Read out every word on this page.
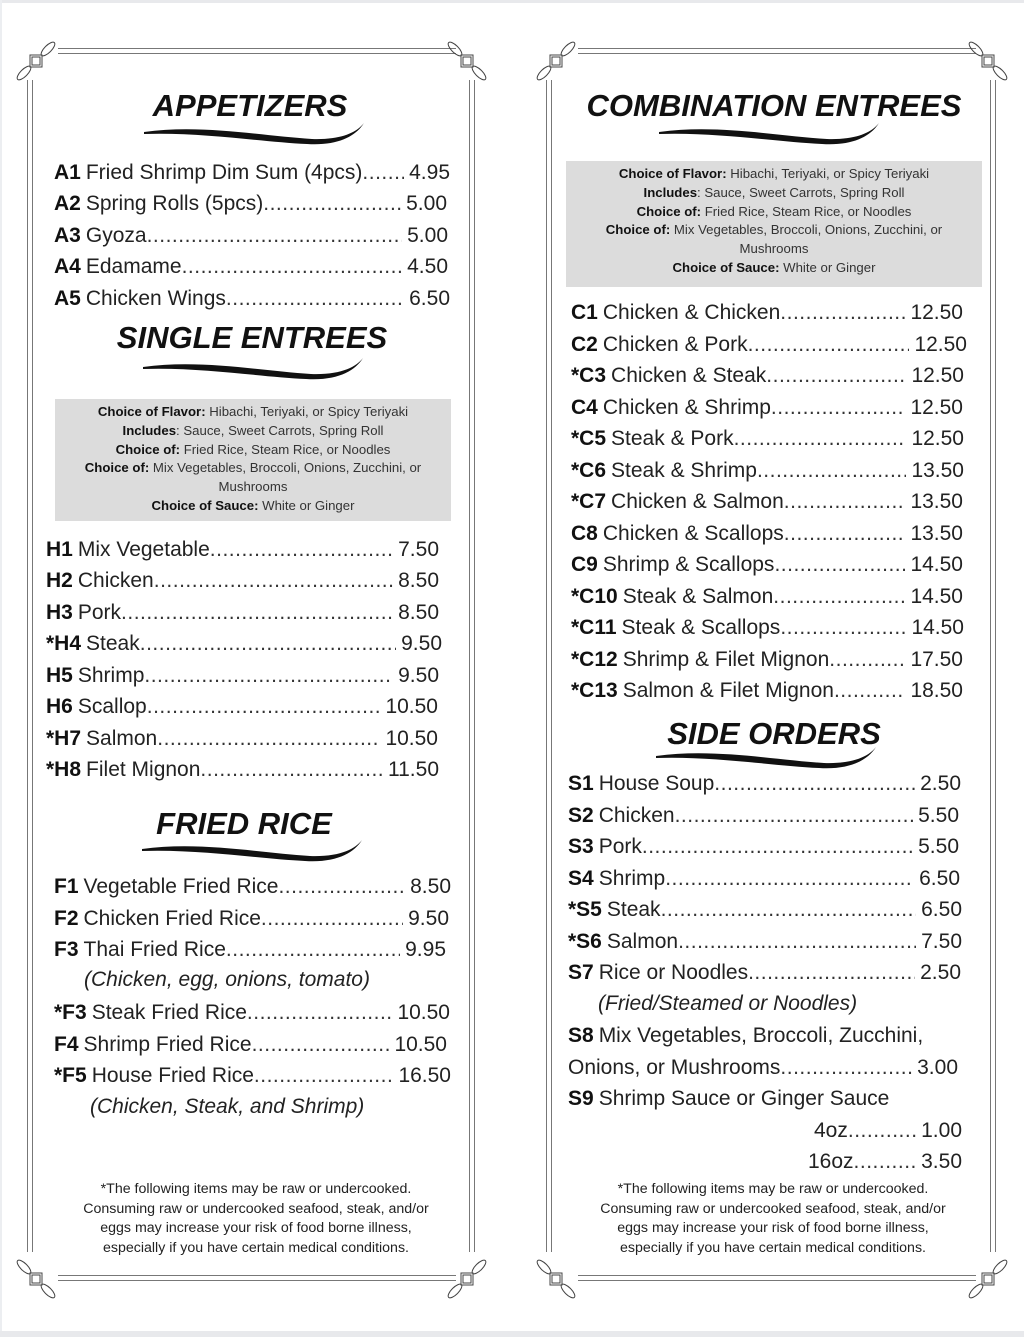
APPETIZERS
A1 Fried Shrimp Dim Sum (4pcs) ..... 4.95
A2 Spring Rolls (5pcs) .....	5.00
A3 Gyoza .....	5.00
A4 Edamame .....	4.50
A5 Chicken Wings .....	6.50
SINGLE ENTREES
Choice of Flavor: Hibachi, Teriyaki, or Spicy Teriyaki
Includes: Sauce, Sweet Carrots, Spring Roll
Choice of: Fried Rice, Steam Rice, or Noodles
Choice of: Mix Vegetables, Broccoli, Onions, Zucchini, or Mushrooms
Choice of Sauce: White or Ginger
H1 Mix Vegetable .....	7.50
H2 Chicken .....	8.50
H3 Pork .....	8.50
*H4 Steak .....	9.50
H5 Shrimp .....	9.50
H6 Scallop .....	10.50
*H7 Salmon .....	10.50
*H8 Filet Mignon .....	11.50
FRIED RICE
F1 Vegetable Fried Rice .....	8.50
F2 Chicken Fried Rice .....	9.50
F3 Thai Fried Rice .....	9.95
(Chicken, egg, onions, tomato)
*F3 Steak Fried Rice .....	10.50
F4 Shrimp Fried Rice .....	10.50
*F5 House Fried Rice .....	16.50
(Chicken, Steak, and Shrimp)
*The following items may be raw or undercooked.
Consuming raw or undercooked seafood, steak, and/or
eggs may increase your risk of food borne illness,
especially if you have certain medical conditions.
COMBINATION ENTREES
Choice of Flavor: Hibachi, Teriyaki, or Spicy Teriyaki
Includes: Sauce, Sweet Carrots, Spring Roll
Choice of: Fried Rice, Steam Rice, or Noodles
Choice of: Mix Vegetables, Broccoli, Onions, Zucchini, or Mushrooms
Choice of Sauce: White or Ginger
C1 Chicken & Chicken .....	12.50
C2 Chicken & Pork .....	12.50
*C3 Chicken & Steak .....	12.50
C4 Chicken & Shrimp .....	12.50
*C5 Steak & Pork .....	12.50
*C6 Steak & Shrimp .....	13.50
*C7 Chicken & Salmon .....	13.50
C8 Chicken & Scallops .....	13.50
C9 Shrimp & Scallops .....	14.50
*C10 Steak & Salmon .....	14.50
*C11 Steak & Scallops .....	14.50
*C12 Shrimp & Filet Mignon .....	17.50
*C13 Salmon & Filet Mignon .....	18.50
SIDE ORDERS
S1 House Soup .....	2.50
S2 Chicken .....	5.50
S3 Pork .....	5.50
S4 Shrimp .....	6.50
*S5 Steak .....	6.50
*S6 Salmon .....	7.50
S7 Rice or Noodles .....	2.50
(Fried/Steamed or Noodles)
S8 Mix Vegetables, Broccoli, Zucchini,
Onions, or Mushrooms .....	3.00
S9 Shrimp Sauce or Ginger Sauce
4oz .....	1.00
16oz .....	3.50
*The following items may be raw or undercooked.
Consuming raw or undercooked seafood, steak, and/or
eggs may increase your risk of food borne illness,
especially if you have certain medical conditions.
